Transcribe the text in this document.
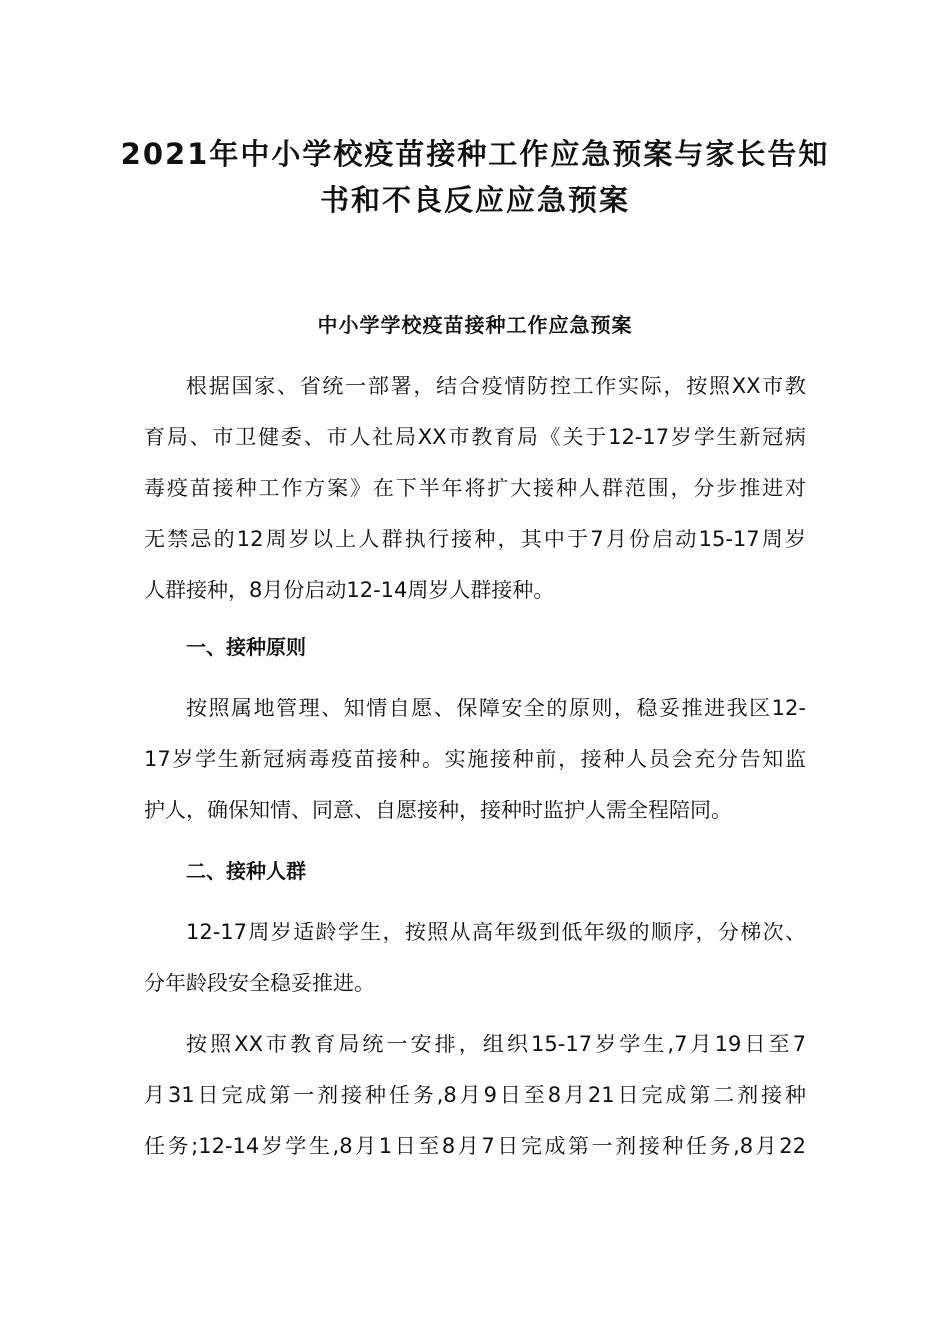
2021年中小学校疫苗接种工作应急预案与家长告知
书和不良反应应急预案
中小学学校疫苗接种工作应急预案
根据国家、省统一部署，结合疫情防控工作实际，按照XX市教
育局、市卫健委、市人社局XX市教育局《关于12-17岁学生新冠病
毒疫苗接种工作方案》在下半年将扩大接种人群范围，分步推进对
无禁忌的12周岁以上人群执行接种，其中于7月份启动15-17周岁
人群接种，8月份启动12-14周岁人群接种。
一、接种原则
按照属地管理、知情自愿、保障安全的原则，稳妥推进我区12-
17岁学生新冠病毒疫苗接种。实施接种前，接种人员会充分告知监
护人，确保知情、同意、自愿接种，接种时监护人需全程陪同。
二、接种人群
12-17周岁适龄学生，按照从高年级到低年级的顺序，分梯次、
分年龄段安全稳妥推进。
按照XX市教育局统一安排，组织15-17岁学生,7月19日至7
月31日完成第一剂接种任务,8月9日至8月21日完成第二剂接种
任务;12-14岁学生,8月1日至8月7日完成第一剂接种任务,8月22
